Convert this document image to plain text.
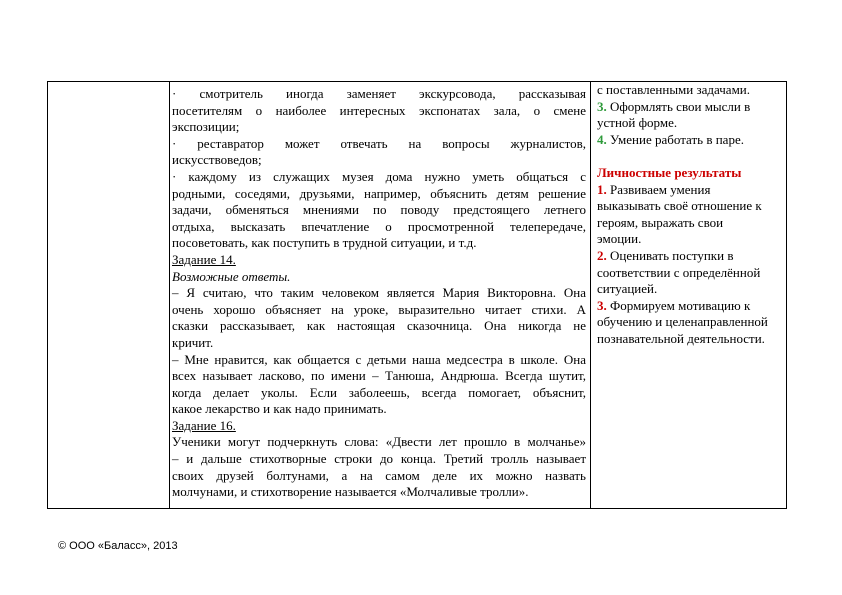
· смотритель иногда заменяет экскурсовода, рассказывая
посетителям о наиболее интересных экспонатах зала, о смене
экспозиции;
· реставратор может отвечать на вопросы журналистов,
искусствоведов;
· каждому из служащих музея дома нужно уметь общаться с
родными, соседями, друзьями, например, объяснить детям решение
задачи, обменяться мнениями по поводу предстоящего летнего
отдыха, высказать впечатление о просмотренной телепередаче,
посоветовать, как поступить в трудной ситуации, и т.д.
Задание 14.
Возможные ответы.
– Я считаю, что таким человеком является Мария Викторовна. Она
очень хорошо объясняет на уроке, выразительно читает стихи. А
сказки рассказывает, как настоящая сказочница. Она никогда не
кричит.
– Мне нравится, как общается с детьми наша медсестра в школе. Она
всех называет ласково, по имени – Танюша, Андрюша. Всегда шутит,
когда делает уколы. Если заболеешь, всегда помогает, объяснит,
какое лекарство и как надо принимать.
Задание 16.
Ученики могут подчеркнуть слова: «Двести лет прошло в молчанье»
– и дальше стихотворные строки до конца. Третий тролль называет
своих друзей болтунами, а на самом деле их можно назвать
молчунами, и стихотворение называется «Молчаливые тролли».
с поставленными задачами.
3. Оформлять свои мысли в
устной форме.
4. Умение работать в паре.
Личностные результаты
1. Развиваем умения
выказывать своё отношение к
героям, выражать свои
эмоции.
2. Оценивать поступки в
соответствии с определённой
ситуацией.
3. Формируем мотивацию к
обучению и целенаправленной
познавательной деятельности.
© ООО «Баласс», 2013
